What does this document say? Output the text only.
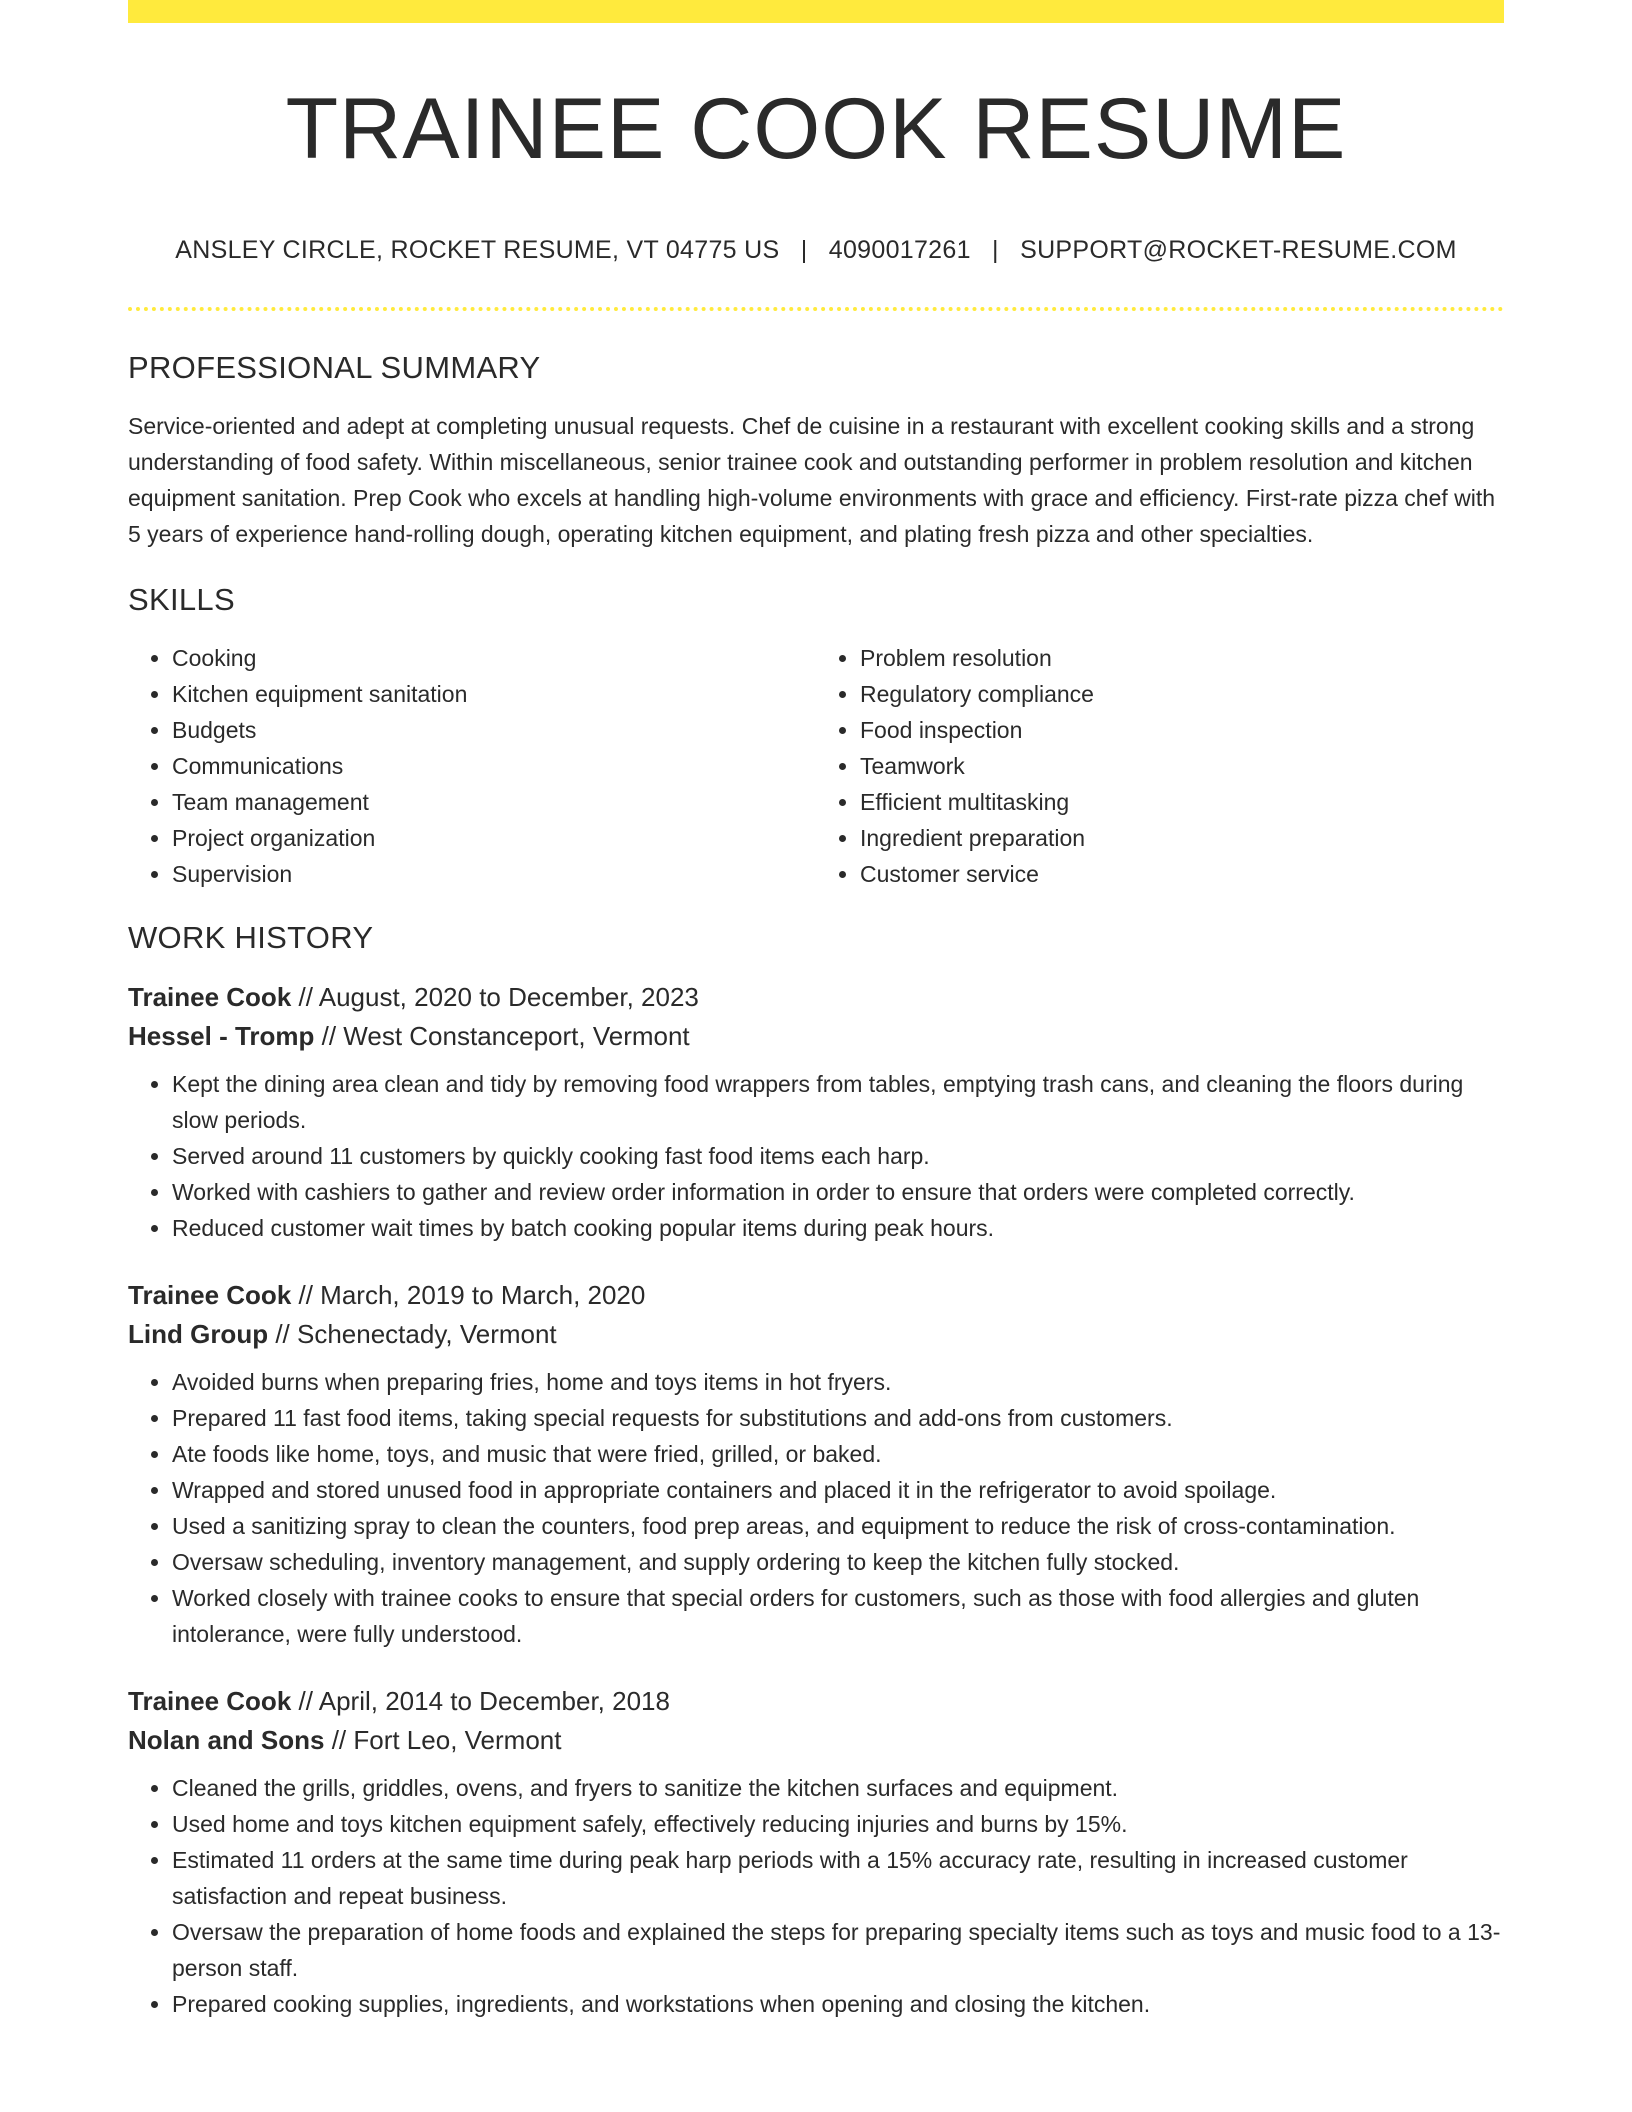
TRAINEE COOK RESUME
ANSLEY CIRCLE, ROCKET RESUME, VT 04775 US | 4090017261 | SUPPORT@ROCKET-RESUME.COM
PROFESSIONAL SUMMARY

Service-oriented and adept at completing unusual requests. Chef de cuisine in a restaurant with excellent cooking skills and a strong understanding of food safety. Within miscellaneous, senior trainee cook and outstanding performer in problem resolution and kitchen equipment sanitation. Prep Cook who excels at handling high-volume environments with grace and efficiency. First-rate pizza chef with 5 years of experience hand-rolling dough, operating kitchen equipment, and plating fresh pizza and other specialties.

SKILLS
• Cooking
• Kitchen equipment sanitation
• Budgets
• Communications
• Team management
• Project organization
• Supervision
• Problem resolution
• Regulatory compliance
• Food inspection
• Teamwork
• Efficient multitasking
• Ingredient preparation
• Customer service
WORK HISTORY
Trainee Cook // August, 2020 to December, 2023
Hessel - Tromp // West Constanceport, Vermont
• Kept the dining area clean and tidy by removing food wrappers from tables, emptying trash cans, and cleaning the floors during slow periods.
• Served around 11 customers by quickly cooking fast food items each harp.
• Worked with cashiers to gather and review order information in order to ensure that orders were completed correctly.
• Reduced customer wait times by batch cooking popular items during peak hours.
Trainee Cook // March, 2019 to March, 2020
Lind Group // Schenectady, Vermont
• Avoided burns when preparing fries, home and toys items in hot fryers.
• Prepared 11 fast food items, taking special requests for substitutions and add-ons from customers.
• Ate foods like home, toys, and music that were fried, grilled, or baked.
• Wrapped and stored unused food in appropriate containers and placed it in the refrigerator to avoid spoilage.
• Used a sanitizing spray to clean the counters, food prep areas, and equipment to reduce the risk of cross-contamination.
• Oversaw scheduling, inventory management, and supply ordering to keep the kitchen fully stocked.
• Worked closely with trainee cooks to ensure that special orders for customers, such as those with food allergies and gluten intolerance, were fully understood.
Trainee Cook // April, 2014 to December, 2018
Nolan and Sons // Fort Leo, Vermont
• Cleaned the grills, griddles, ovens, and fryers to sanitize the kitchen surfaces and equipment.
• Used home and toys kitchen equipment safely, effectively reducing injuries and burns by 15%.
• Estimated 11 orders at the same time during peak harp periods with a 15% accuracy rate, resulting in increased customer satisfaction and repeat business.
• Oversaw the preparation of home foods and explained the steps for preparing specialty items such as toys and music food to a 13-person staff.
• Prepared cooking supplies, ingredients, and workstations when opening and closing the kitchen.
